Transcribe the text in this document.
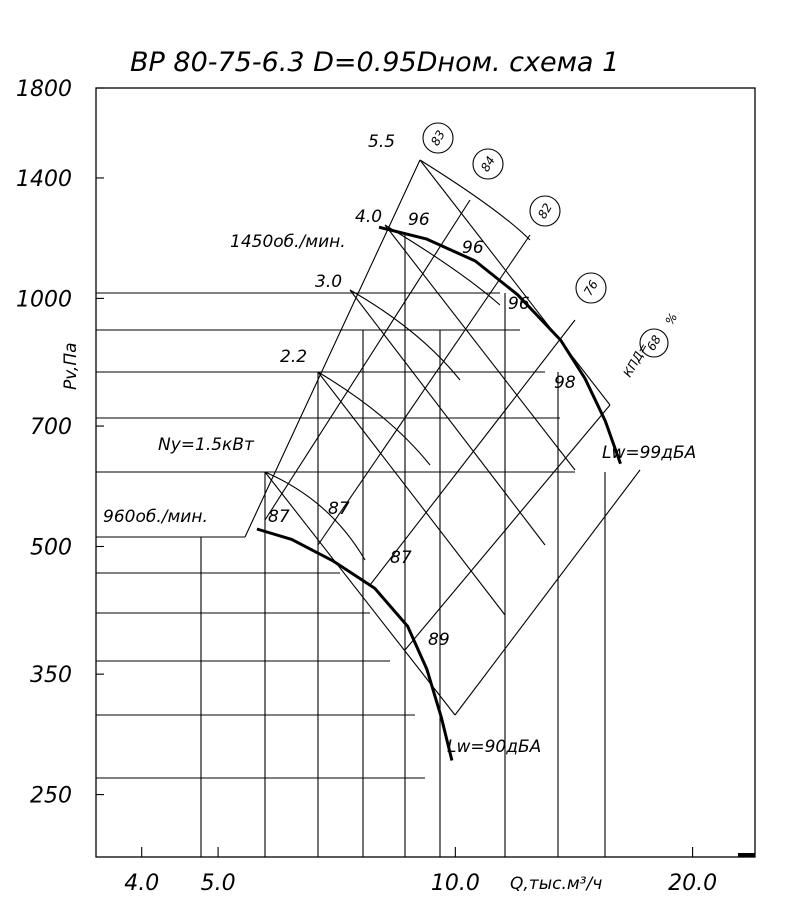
ВР 80-75-6.3 D=0.95Dном. схема 1
1800
1400
1000
700
500
350
250
4.0 5.0	10.0	20.0
Pv,Па
Q,тыс.м³/ч
5.5
4.0
3.0
2.2
Ny=1.5кВт
1450об./мин.
960об./мин.
96
96
96
98
87 87
87
89
83
84
82
76
КПД=
68
%
Lw=99дБА
Lw=90дБА
